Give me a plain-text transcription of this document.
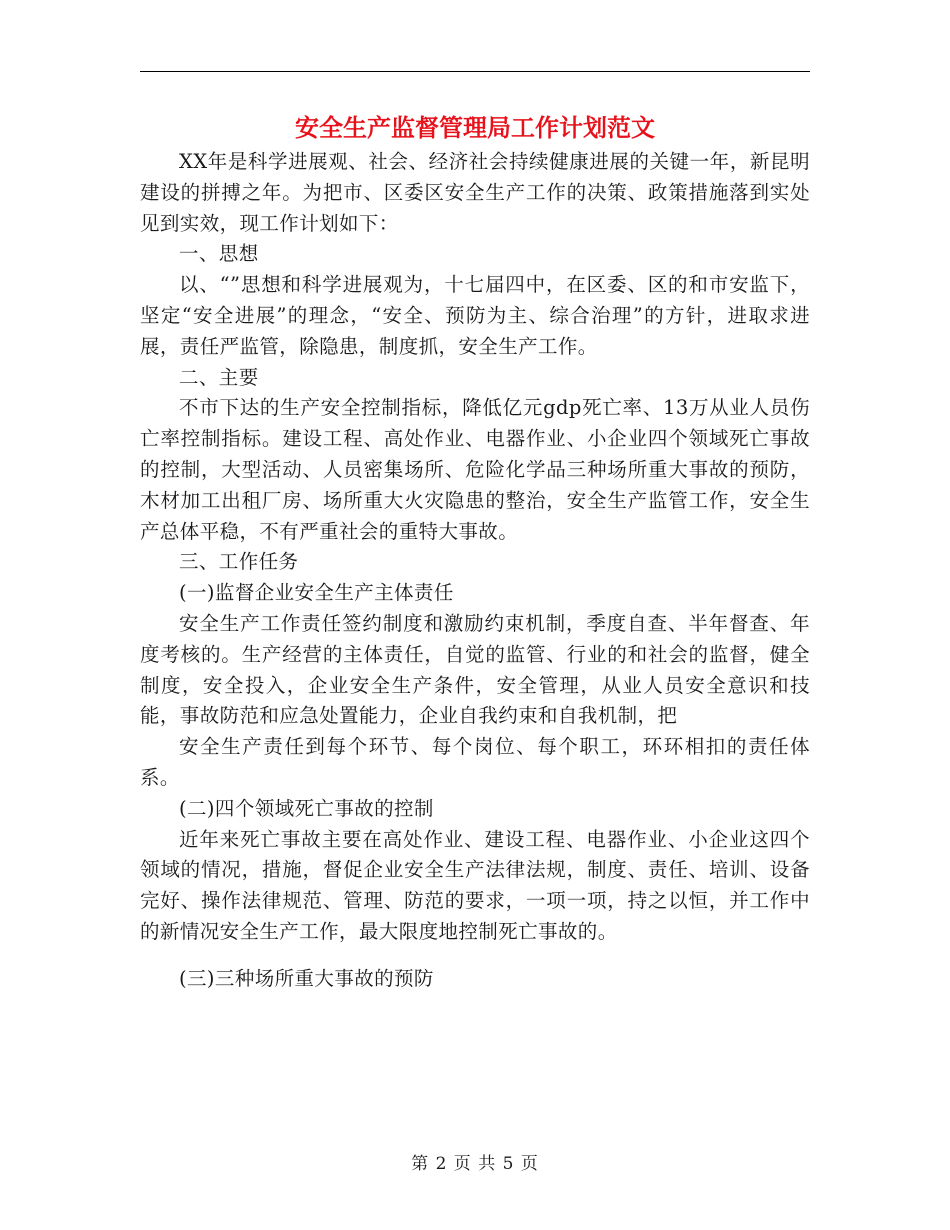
安全生产监督管理局工作计划范文

XX年是科学进展观、社会、经济社会持续健康进展的关键一年，新昆明建设的拼搏之年。为把市、区委区安全生产工作的决策、政策措施落到实处见到实效，现工作计划如下：

一、思想

以、“”思想和科学进展观为，十七届四中，在区委、区的和市安监下，坚定“安全进展”的理念，“安全、预防为主、综合治理”的方针，进取求进展，责任严监管，除隐患，制度抓，安全生产工作。

二、主要

不市下达的生产安全控制指标，降低亿元gdp死亡率、13万从业人员伤亡率控制指标。建设工程、高处作业、电器作业、小企业四个领域死亡事故的控制，大型活动、人员密集场所、危险化学品三种场所重大事故的预防，木材加工出租厂房、场所重大火灾隐患的整治，安全生产监管工作，安全生产总体平稳，不有严重社会的重特大事故。

三、工作任务

(一)监督企业安全生产主体责任

安全生产工作责任签约制度和激励约束机制，季度自查、半年督查、年度考核的。生产经营的主体责任，自觉的监管、行业的和社会的监督，健全制度，安全投入，企业安全生产条件，安全管理，从业人员安全意识和技能，事故防范和应急处置能力，企业自我约束和自我机制，把

安全生产责任到每个环节、每个岗位、每个职工，环环相扣的责任体系。

(二)四个领域死亡事故的控制

近年来死亡事故主要在高处作业、建设工程、电器作业、小企业这四个领域的情况，措施，督促企业安全生产法律法规，制度、责任、培训、设备完好、操作法律规范、管理、防范的要求，一项一项，持之以恒，并工作中的新情况安全生产工作，最大限度地控制死亡事故的。

(三)三种场所重大事故的预防

第 2 页 共 5 页
